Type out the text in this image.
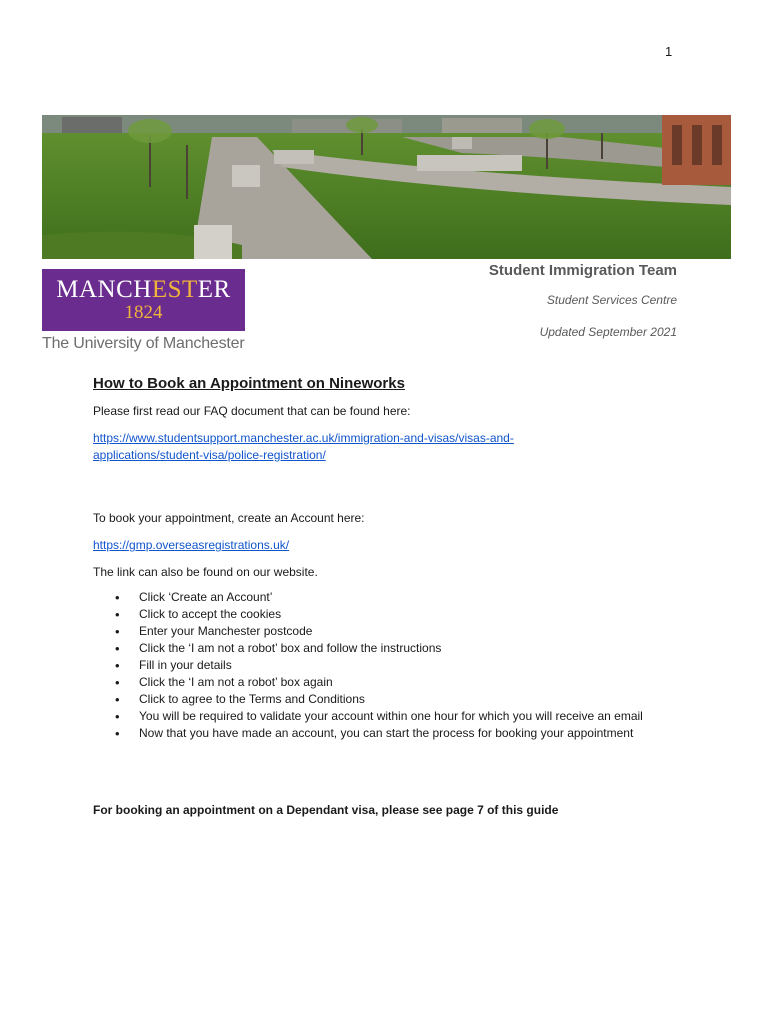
1
MANCHESTER
1824
The University of Manchester
Student Immigration Team
Student Services Centre
Updated September 2021
How to Book an Appointment on Nineworks

Please first read our FAQ document that can be found here:

https://www.studentsupport.manchester.ac.uk/immigration-and-visas/visas-and-
applications/student-visa/police-registration/

To book your appointment, create an Account here:

https://gmp.overseasregistrations.uk/

The link can also be found on our website.

• Click ‘Create an Account’
• Click to accept the cookies
• Enter your Manchester postcode
• Click the ‘I am not a robot’ box and follow the instructions
• Fill in your details
• Click the ‘I am not a robot’ box again
• Click to agree to the Terms and Conditions
• You will be required to validate your account within one hour for which you will receive an email
• Now that you have made an account, you can start the process for booking your appointment

For booking an appointment on a Dependant visa, please see page 7 of this guide
